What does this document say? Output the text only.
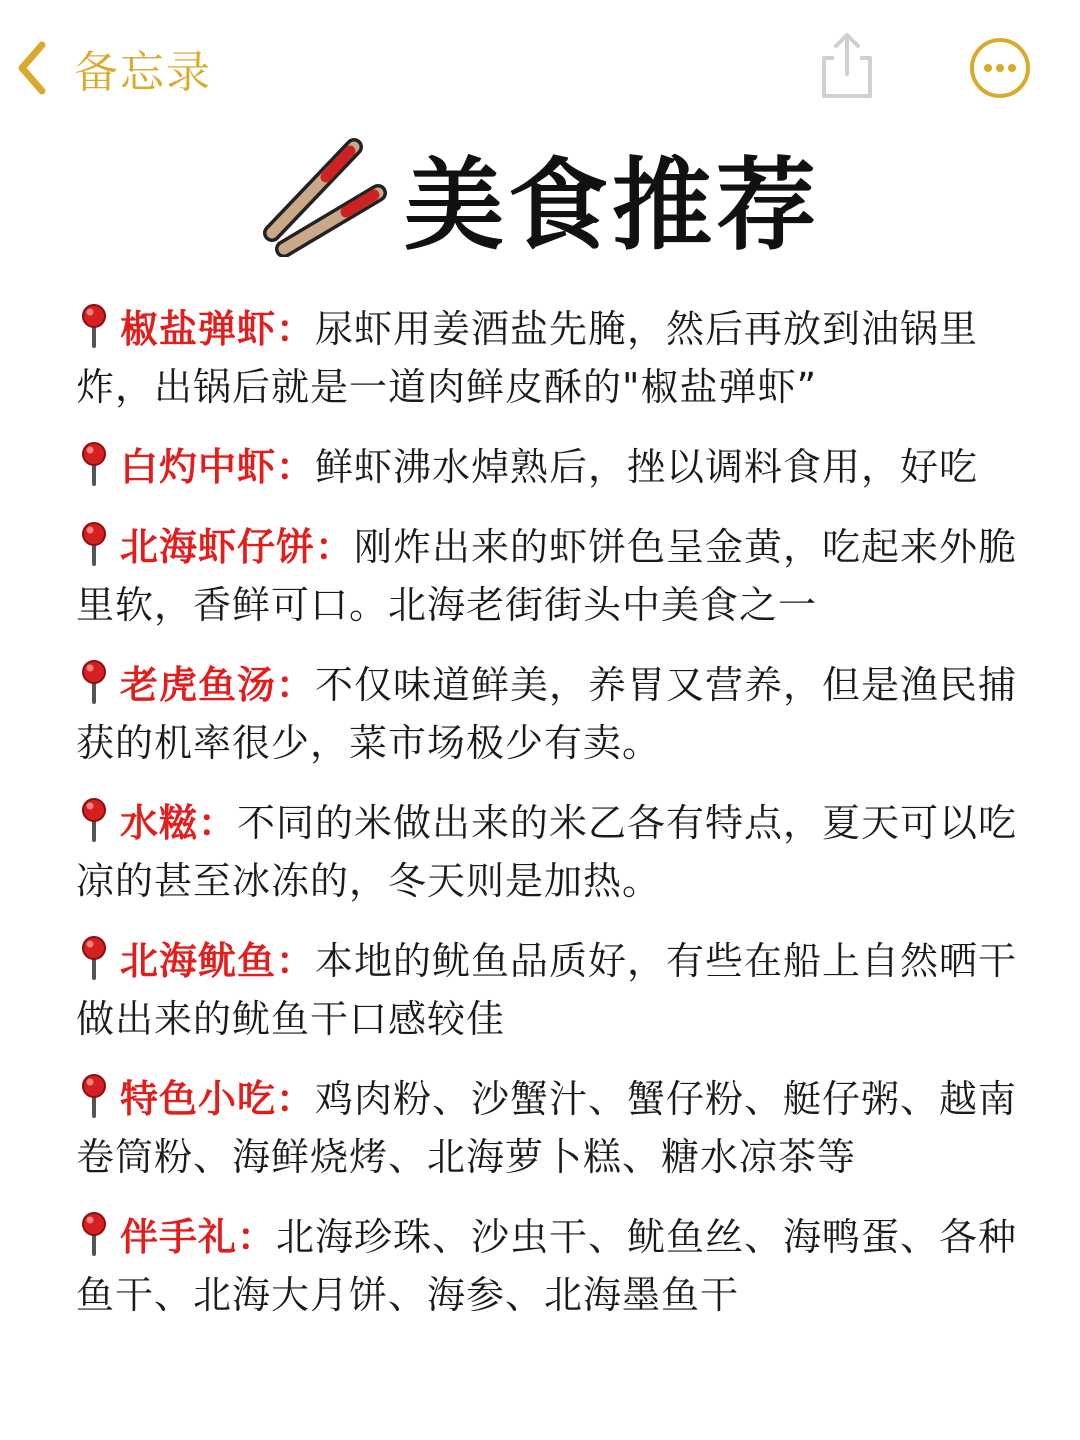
备忘录
美食推荐

椒盐弹虾：尿虾用姜酒盐先腌，然后再放到油锅里炸，出锅后就是一道肉鲜皮酥的"椒盐弹虾”

白灼中虾：鲜虾沸水焯熟后，挫以调料食用，好吃

北海虾仔饼：刚炸出来的虾饼色呈金黄，吃起来外脆里软，香鲜可口。北海老街街头中美食之一

老虎鱼汤：不仅味道鲜美，养胃又营养，但是渔民捕获的机率很少，菜市场极少有卖。

水糍：不同的米做出来的米乙各有特点，夏天可以吃凉的甚至冰冻的，冬天则是加热。

北海鱿鱼：本地的鱿鱼品质好，有些在船上自然晒干做出来的鱿鱼干口感较佳

特色小吃：鸡肉粉、沙蟹汁、蟹仔粉、艇仔粥、越南卷筒粉、海鲜烧烤、北海萝卜糕、糖水凉茶等

伴手礼：北海珍珠、沙虫干、鱿鱼丝、海鸭蛋、各种鱼干、北海大月饼、海参、北海墨鱼干
